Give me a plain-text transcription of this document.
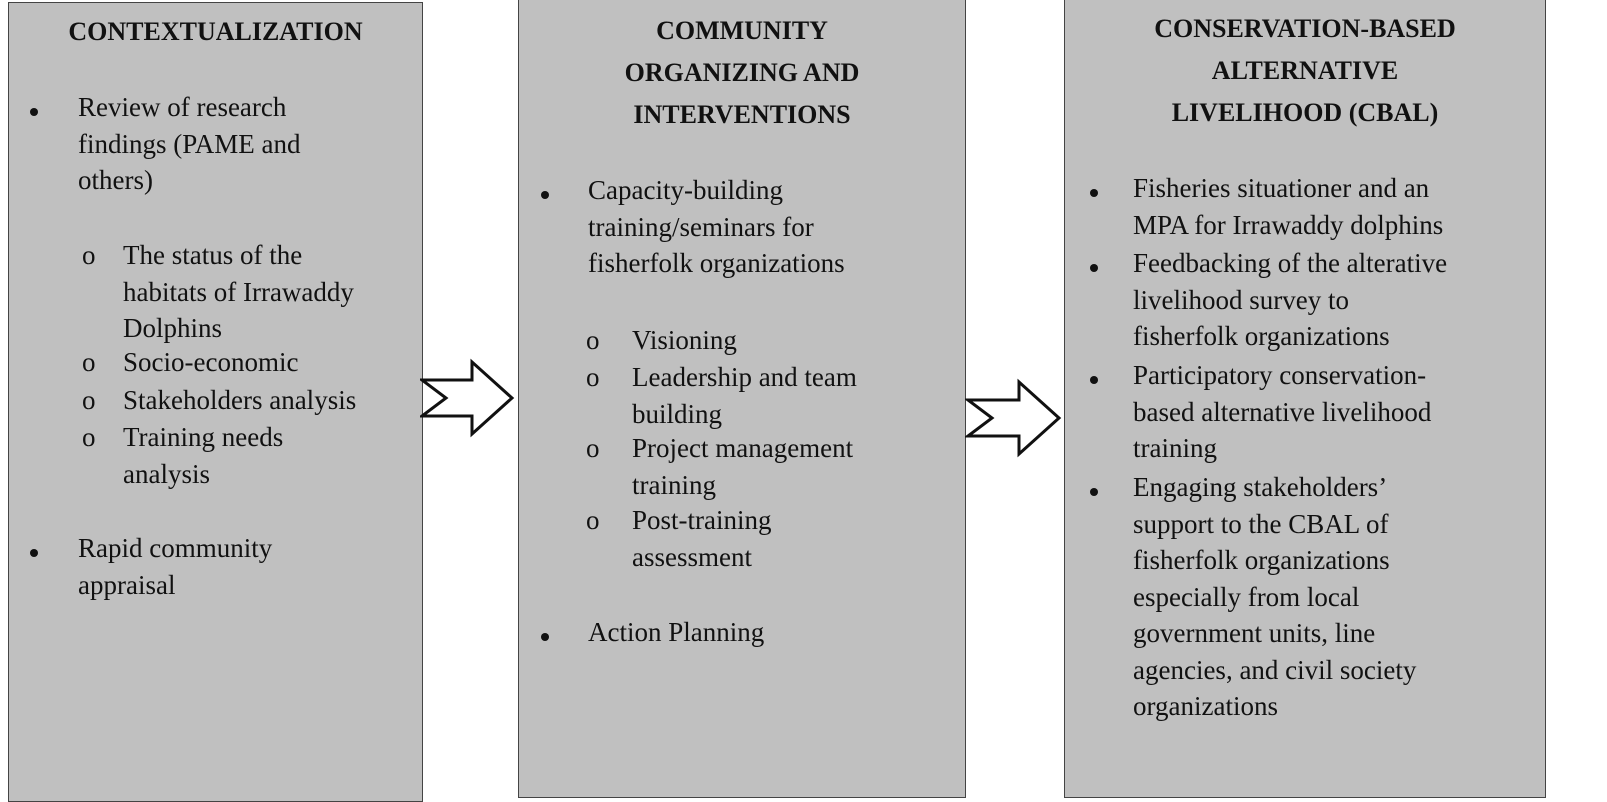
CONTEXTUALIZATION	COMMUNITY
ORGANIZING AND
INTERVENTIONS
CONSERVATION-BASED
ALTERNATIVE
LIVELIHOOD (CBAL)
Review of research
findings (PAME and
others)
o The status of the
habitats of Irrawaddy
Dolphins
o Socio-economic
o Stakeholders analysis
o Training needs
analysis
Rapid community
appraisal
Capacity-building
training/seminars for
fisherfolk organizations
o Visioning
o Leadership and team
building
o Project management
training
o Post-training
assessment
Action Planning
Fisheries situationer and an
MPA for Irrawaddy dolphins
Feedbacking of the alterative
livelihood survey to
fisherfolk organizations
Participatory conservation-
based alternative livelihood
training
Engaging stakeholders’
support to the CBAL of
fisherfolk organizations
especially from local
government units, line
agencies, and civil society
organizations
